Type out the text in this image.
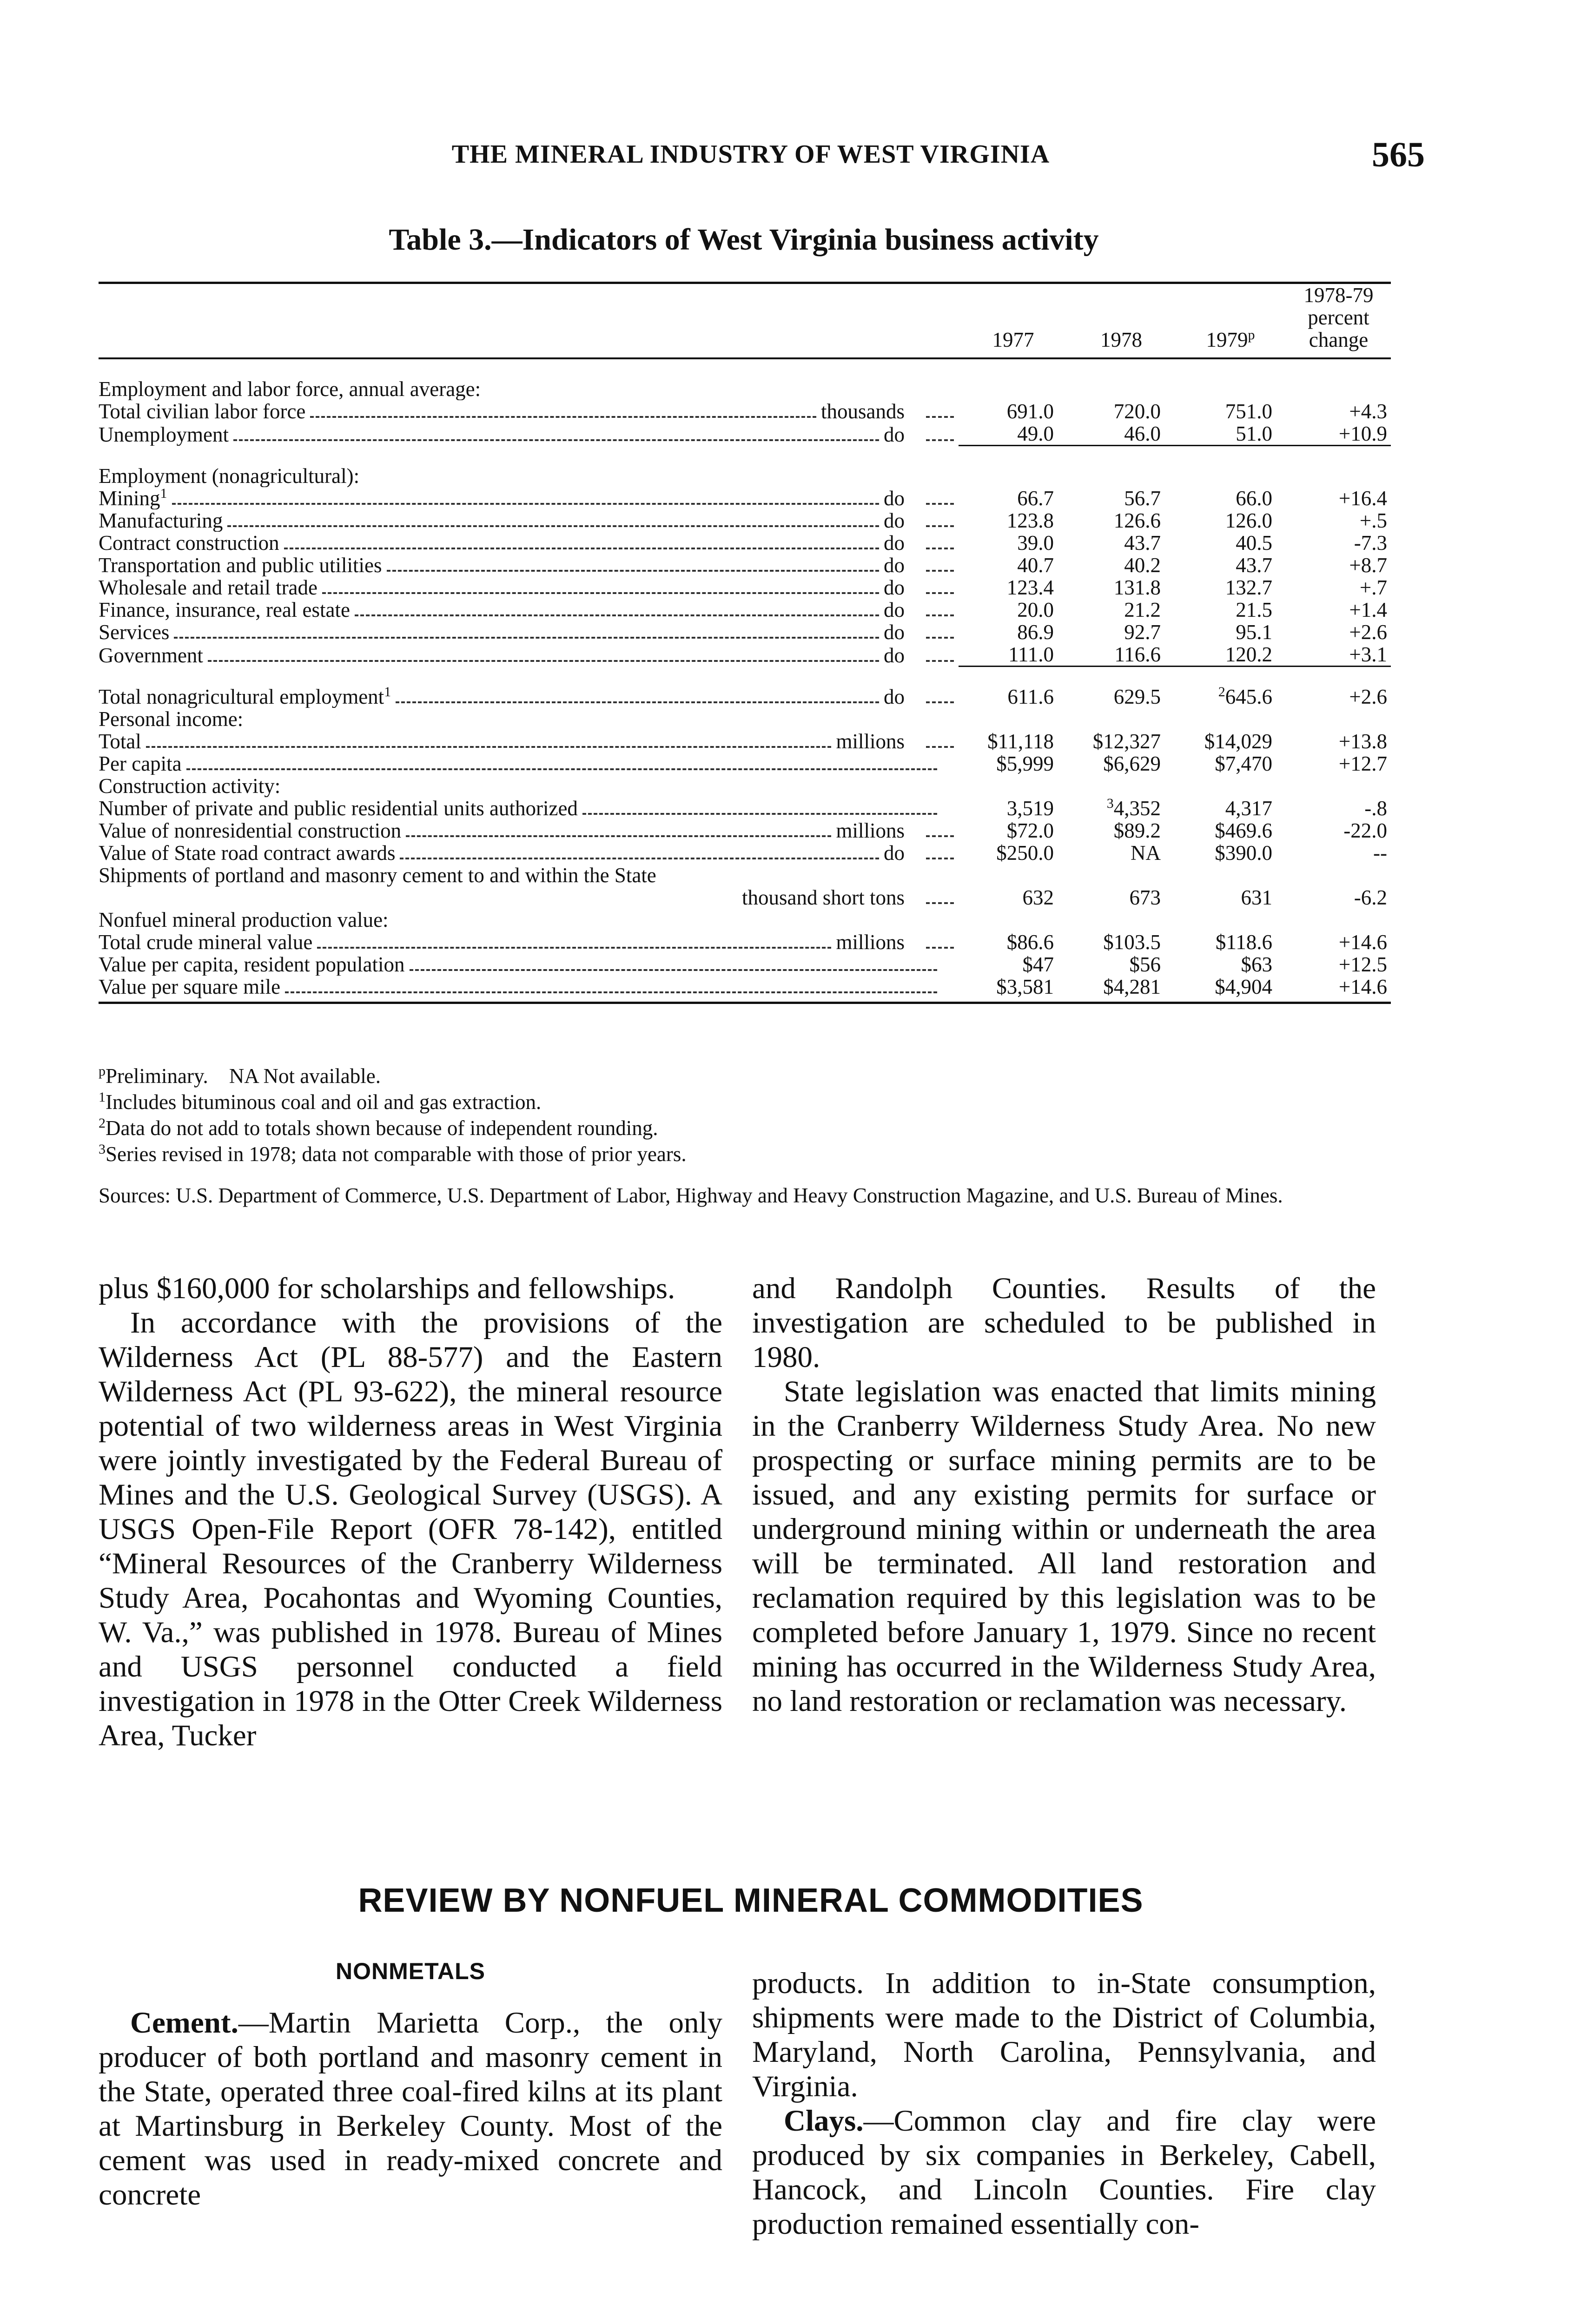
THE MINERAL INDUSTRY OF WEST VIRGINIA	565
Table 3.—Indicators of West Virginia business activity
	1977	1978	1979$^p$	1978-79 percent change

Employment and labor force, annual average:				

Total civilian labor force thousands	691.0	720.0	751.0	+4.3

Unemployment do	49.0	46.0	51.0	+10.9

Employment (nonagricultural):				

Mining$^1$ do	66.7	56.7	66.0	+16.4

Manufacturing do	123.8	126.6	126.0	+.5

Contract construction do	39.0	43.7	40.5	-7.3

Transportation and public utilities do	40.7	40.2	43.7	+8.7

Wholesale and retail trade do	123.4	131.8	132.7	+.7

Finance, insurance, real estate do	20.0	21.2	21.5	+1.4

Services do	86.9	92.7	95.1	+2.6

Government do	111.0	116.6	120.2	+3.1

Total nonagricultural employment$^1$ do	611.6	629.5	$^2$645.6	+2.6
Personal income:				

Total millions	$11,118	$12,327	$14,029	+13.8

Per capita	$5,999	$6,629	$7,470	+12.7
Construction activity:				

Number of private and public residential units authorized	3,519	$^3$4,352	4,317	-.8

Value of nonresidential construction millions	$72.0	$89.2	$469.6	-22.0

Value of State road contract awards do	$250.0	NA	$390.0	--

Shipments of portland and masonry cement to and within the State
thousand short tons	632	673	631	-6.2
Nonfuel mineral production value:				

Total crude mineral value millions	$86.6	$103.5	$118.6	+14.6

Value per capita, resident population	$47	$56	$63	+12.5

Value per square mile	$3,581	$4,281	$4,904	+14.6

$^p$Preliminary.    NA Not available.

$^1$Includes bituminous coal and oil and gas extraction.

$^2$Data do not add to totals shown because of independent rounding.

$^3$Series revised in 1978; data not comparable with those of prior years.

Sources: U.S. Department of Commerce, U.S. Department of Labor, Highway and Heavy Construction Magazine, and U.S. Bureau of Mines.

plus $160,000 for scholarships and fellowships.

In accordance with the provisions of the Wilderness Act (PL 88-577) and the Eastern Wilderness Act (PL 93-622), the mineral resource potential of two wilderness areas in West Virginia were jointly investigated by the Federal Bureau of Mines and the U.S. Geological Survey (USGS). A USGS Open-File Report (OFR 78-142), entitled “Mineral Resources of the Cranberry Wilderness Study Area, Pocahontas and Wyoming Counties, W. Va.,” was published in 1978. Bureau of Mines and USGS personnel conducted a field investigation in 1978 in the Otter Creek Wilderness Area, Tucker

and Randolph Counties. Results of the investigation are scheduled to be published in 1980.

State legislation was enacted that limits mining in the Cranberry Wilderness Study Area. No new prospecting or surface mining permits are to be issued, and any existing permits for surface or underground mining within or underneath the area will be terminated. All land restoration and reclamation required by this legislation was to be completed before January 1, 1979. Since no recent mining has occurred in the Wilderness Study Area, no land restoration or reclamation was necessary.

REVIEW BY NONFUEL MINERAL COMMODITIES
NONMETALS

Cement.—Martin Marietta Corp., the only producer of both portland and masonry cement in the State, operated three coal-fired kilns at its plant at Martinsburg in Berkeley County. Most of the cement was used in ready-mixed concrete and concrete

products. In addition to in-State consumption, shipments were made to the District of Columbia, Maryland, North Carolina, Pennsylvania, and Virginia.

Clays.—Common clay and fire clay were produced by six companies in Berkeley, Cabell, Hancock, and Lincoln Counties. Fire clay production remained essentially con-
